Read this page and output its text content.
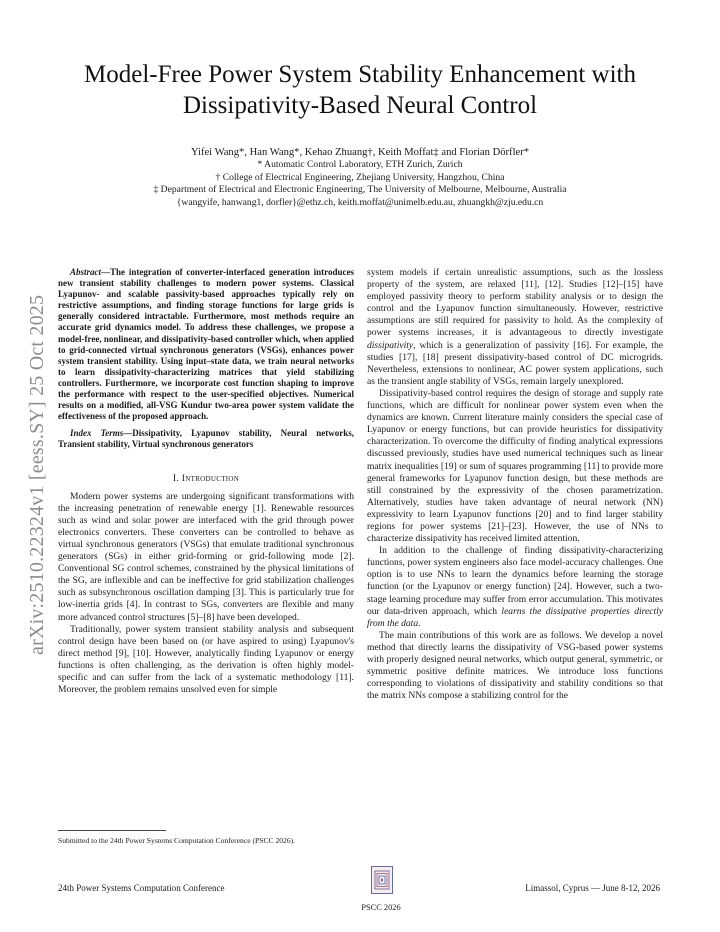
Model-Free Power System Stability Enhancement with Dissipativity-Based Neural Control
Yifei Wang*, Han Wang*, Kehao Zhuang†, Keith Moffat‡ and Florian Dörfler*
* Automatic Control Laboratory, ETH Zurich, Zurich
† College of Electrical Engineering, Zhejiang University, Hangzhou, China
‡ Department of Electrical and Electronic Engineering, The University of Melbourne, Melbourne, Australia
{wangyife, hanwang1, dorfler}@ethz.ch, keith.moffat@unimelb.edu.au, zhuangkh@zju.edu.cn
arXiv:2510.22324v1 [eess.SY] 25 Oct 2025

Abstract—The integration of converter-interfaced generation introduces new transient stability challenges to modern power systems. Classical Lyapunov- and scalable passivity-based approaches typically rely on restrictive assumptions, and finding storage functions for large grids is generally considered intractable. Furthermore, most methods require an accurate grid dynamics model. To address these challenges, we propose a model-free, nonlinear, and dissipativity-based controller which, when applied to grid-connected virtual synchronous generators (VSGs), enhances power system transient stability. Using input–state data, we train neural networks to learn dissipativity-characterizing matrices that yield stabilizing controllers. Furthermore, we incorporate cost function shaping to improve the performance with respect to the user-specified objectives. Numerical results on a modified, all-VSG Kundur two-area power system validate the effectiveness of the proposed approach.

Index Terms—Dissipativity, Lyapunov stability, Neural networks, Transient stability, Virtual synchronous generators

I. Introduction

Modern power systems are undergoing significant transformations with the increasing penetration of renewable energy [1]. Renewable resources such as wind and solar power are interfaced with the grid through power electronics converters. These converters can be controlled to behave as virtual synchronous generators (VSGs) that emulate traditional synchronous generators (SGs) in either grid-forming or grid-following mode [2]. Conventional SG control schemes, constrained by the physical limitations of the SG, are inflexible and can be ineffective for grid stabilization challenges such as subsynchronous oscillation damping [3]. This is particularly true for low-inertia grids [4]. In contrast to SGs, converters are flexible and many more advanced control structures [5]–[8] have been developed.

Traditionally, power system transient stability analysis and subsequent control design have been based on (or have aspired to using) Lyapunov's direct method [9], [10]. However, analytically finding Lyapunov or energy functions is often challenging, as the derivation is often highly model-specific and can suffer from the lack of a systematic methodology [11]. Moreover, the problem remains unsolved even for simple

system models if certain unrealistic assumptions, such as the lossless property of the system, are relaxed [11], [12]. Studies [12]–[15] have employed passivity theory to perform stability analysis or to design the control and the Lyapunov function simultaneously. However, restrictive assumptions are still required for passivity to hold. As the complexity of power systems increases, it is advantageous to directly investigate dissipativity, which is a generalization of passivity [16]. For example, the studies [17], [18] present dissipativity-based control of DC microgrids. Nevertheless, extensions to nonlinear, AC power system applications, such as the transient angle stability of VSGs, remain largely unexplored.

Dissipativity-based control requires the design of storage and supply rate functions, which are difficult for nonlinear power system even when the dynamics are known. Current literature mainly considers the special case of Lyapunov or energy functions, but can provide heuristics for dissipativity characterization. To overcome the difficulty of finding analytical expressions discussed previously, studies have used numerical techniques such as linear matrix inequalities [19] or sum of squares programming [11] to provide more general frameworks for Lyapunov function design, but these methods are still constrained by the expressivity of the chosen parametrization. Alternatively, studies have taken advantage of neural network (NN) expressivity to learn Lyapunov functions [20] and to find larger stability regions for power systems [21]–[23]. However, the use of NNs to characterize dissipativity has received limited attention.

In addition to the challenge of finding dissipativity-characterizing functions, power system engineers also face model-accuracy challenges. One option is to use NNs to learn the dynamics before learning the storage function (or the Lyapunov or energy function) [24]. However, such a two-stage learning procedure may suffer from error accumulation. This motivates our data-driven approach, which learns the dissipative properties directly from the data.

The main contributions of this work are as follows. We develop a novel method that directly learns the dissipativity of VSG-based power systems with properly designed neural networks, which output general, symmetric, or symmetric positive definite matrices. We introduce loss functions corresponding to violations of dissipativity and stability conditions so that the matrix NNs compose a stabilizing control for the

Submitted to the 24th Power Systems Computation Conference (PSCC 2026).
24th Power Systems Computation Conference
PSCC 2026
Limassol, Cyprus — June 8-12, 2026
